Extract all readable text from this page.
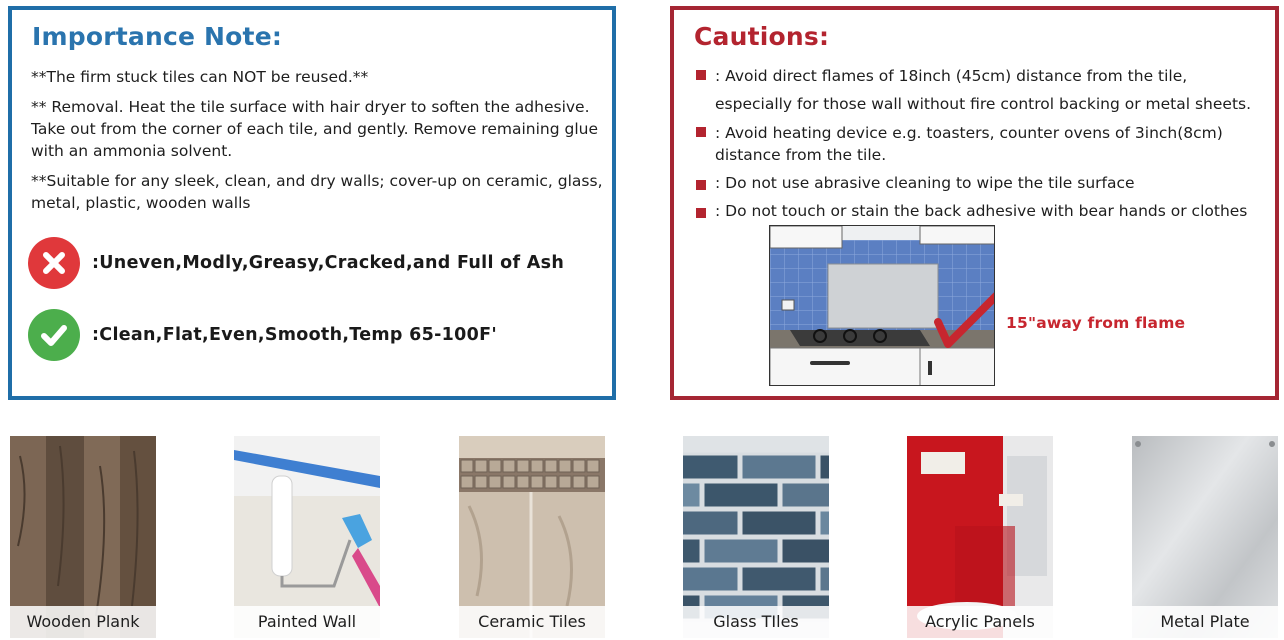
Importance Note:

**The firm stuck tiles can NOT be reused.**

** Removal. Heat the tile surface with hair dryer to soften the adhesive. Take out from the corner of each tile, and gently. Remove remaining glue with an ammonia solvent.

**Suitable for any sleek, clean, and dry walls; cover-up on ceramic, glass, metal, plastic, wooden walls

:Uneven,Modly,Greasy,Cracked,and Full of Ash
:Clean,Flat,Even,Smooth,Temp 65-100F'
Cautions:
: Avoid direct flames of 18inch (45cm) distance from the tile,
especially for those wall without fire control backing or metal sheets.
: Avoid heating device e.g. toasters, counter ovens of 3inch(8cm)
distance from the tile.
: Do not use abrasive cleaning to wipe the tile surface
: Do not touch or stain the back adhesive with bear hands or clothes
15"away from flame
Wooden Plank	Painted Wall	Ceramic Tiles	Glass TIles	Acrylic Panels	Metal Plate
